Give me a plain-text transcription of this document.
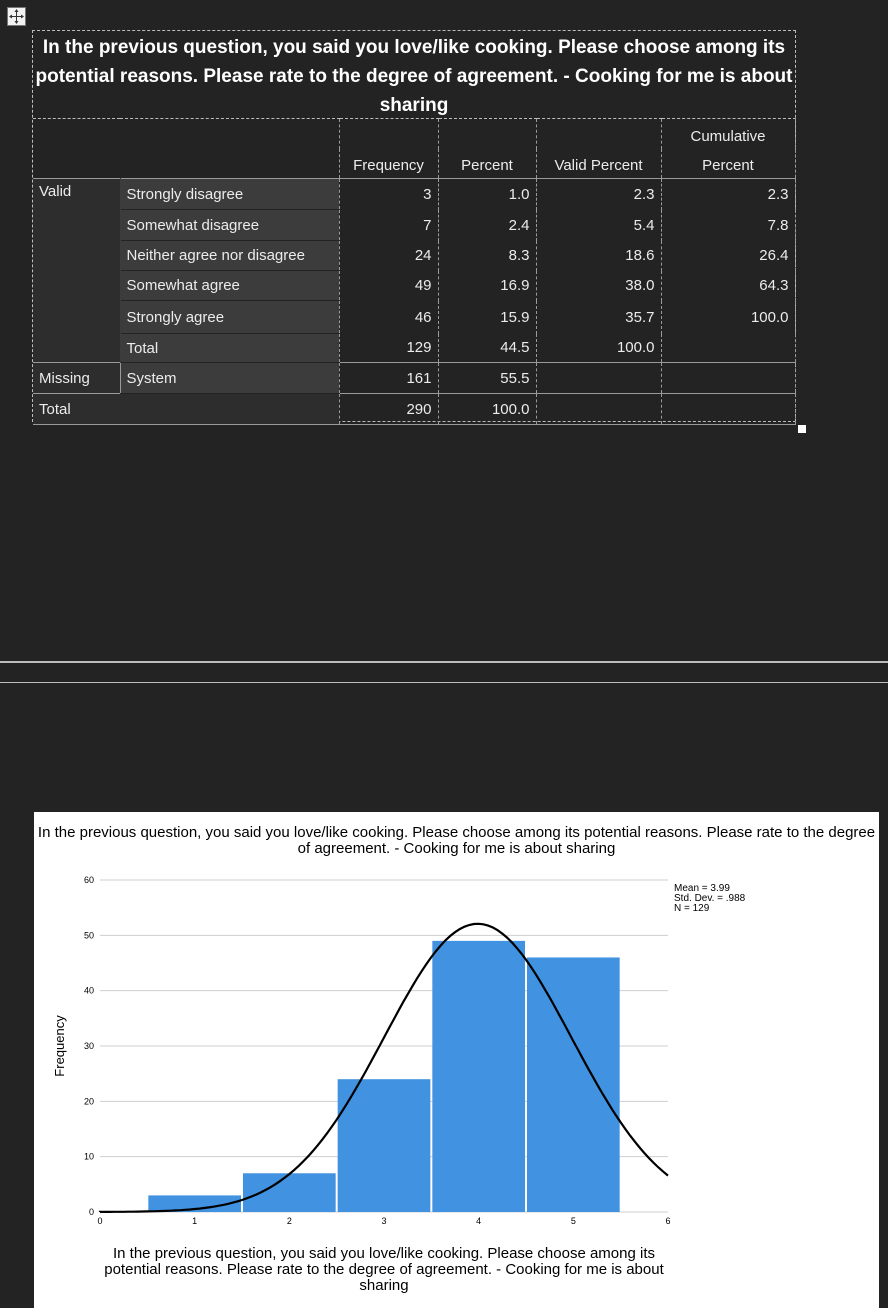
In the previous question, you said you love/like cooking. Please choose among its potential reasons. Please rate to the degree of agreement. - Cooking for me is about sharing
		Frequency	Percent	Valid Percent	Cumulative
					Percent
Valid	Strongly disagree	3	1.0	2.3	2.3
	Somewhat disagree	7	2.4	5.4	7.8
	Neither agree nor disagree	24	8.3	18.6	26.4
	Somewhat agree	49	16.9	38.0	64.3
	Strongly agree	46	15.9	35.7	100.0
	Total	129	44.5	100.0	
Missing	System	161	55.5		
Total		290	100.0		
In the previous question, you said you love/like cooking. Please choose among its potential reasons. Please rate to the degree of agreement. - Cooking for me is about sharing
0
10
20
30
40
50
60
0	1	2	3	4	5	6
Frequency
Mean = 3.99
Std. Dev. = .988
N = 129
In the previous question, you said you love/like cooking. Please choose among its potential reasons. Please rate to the degree of agreement. - Cooking for me is about sharing
